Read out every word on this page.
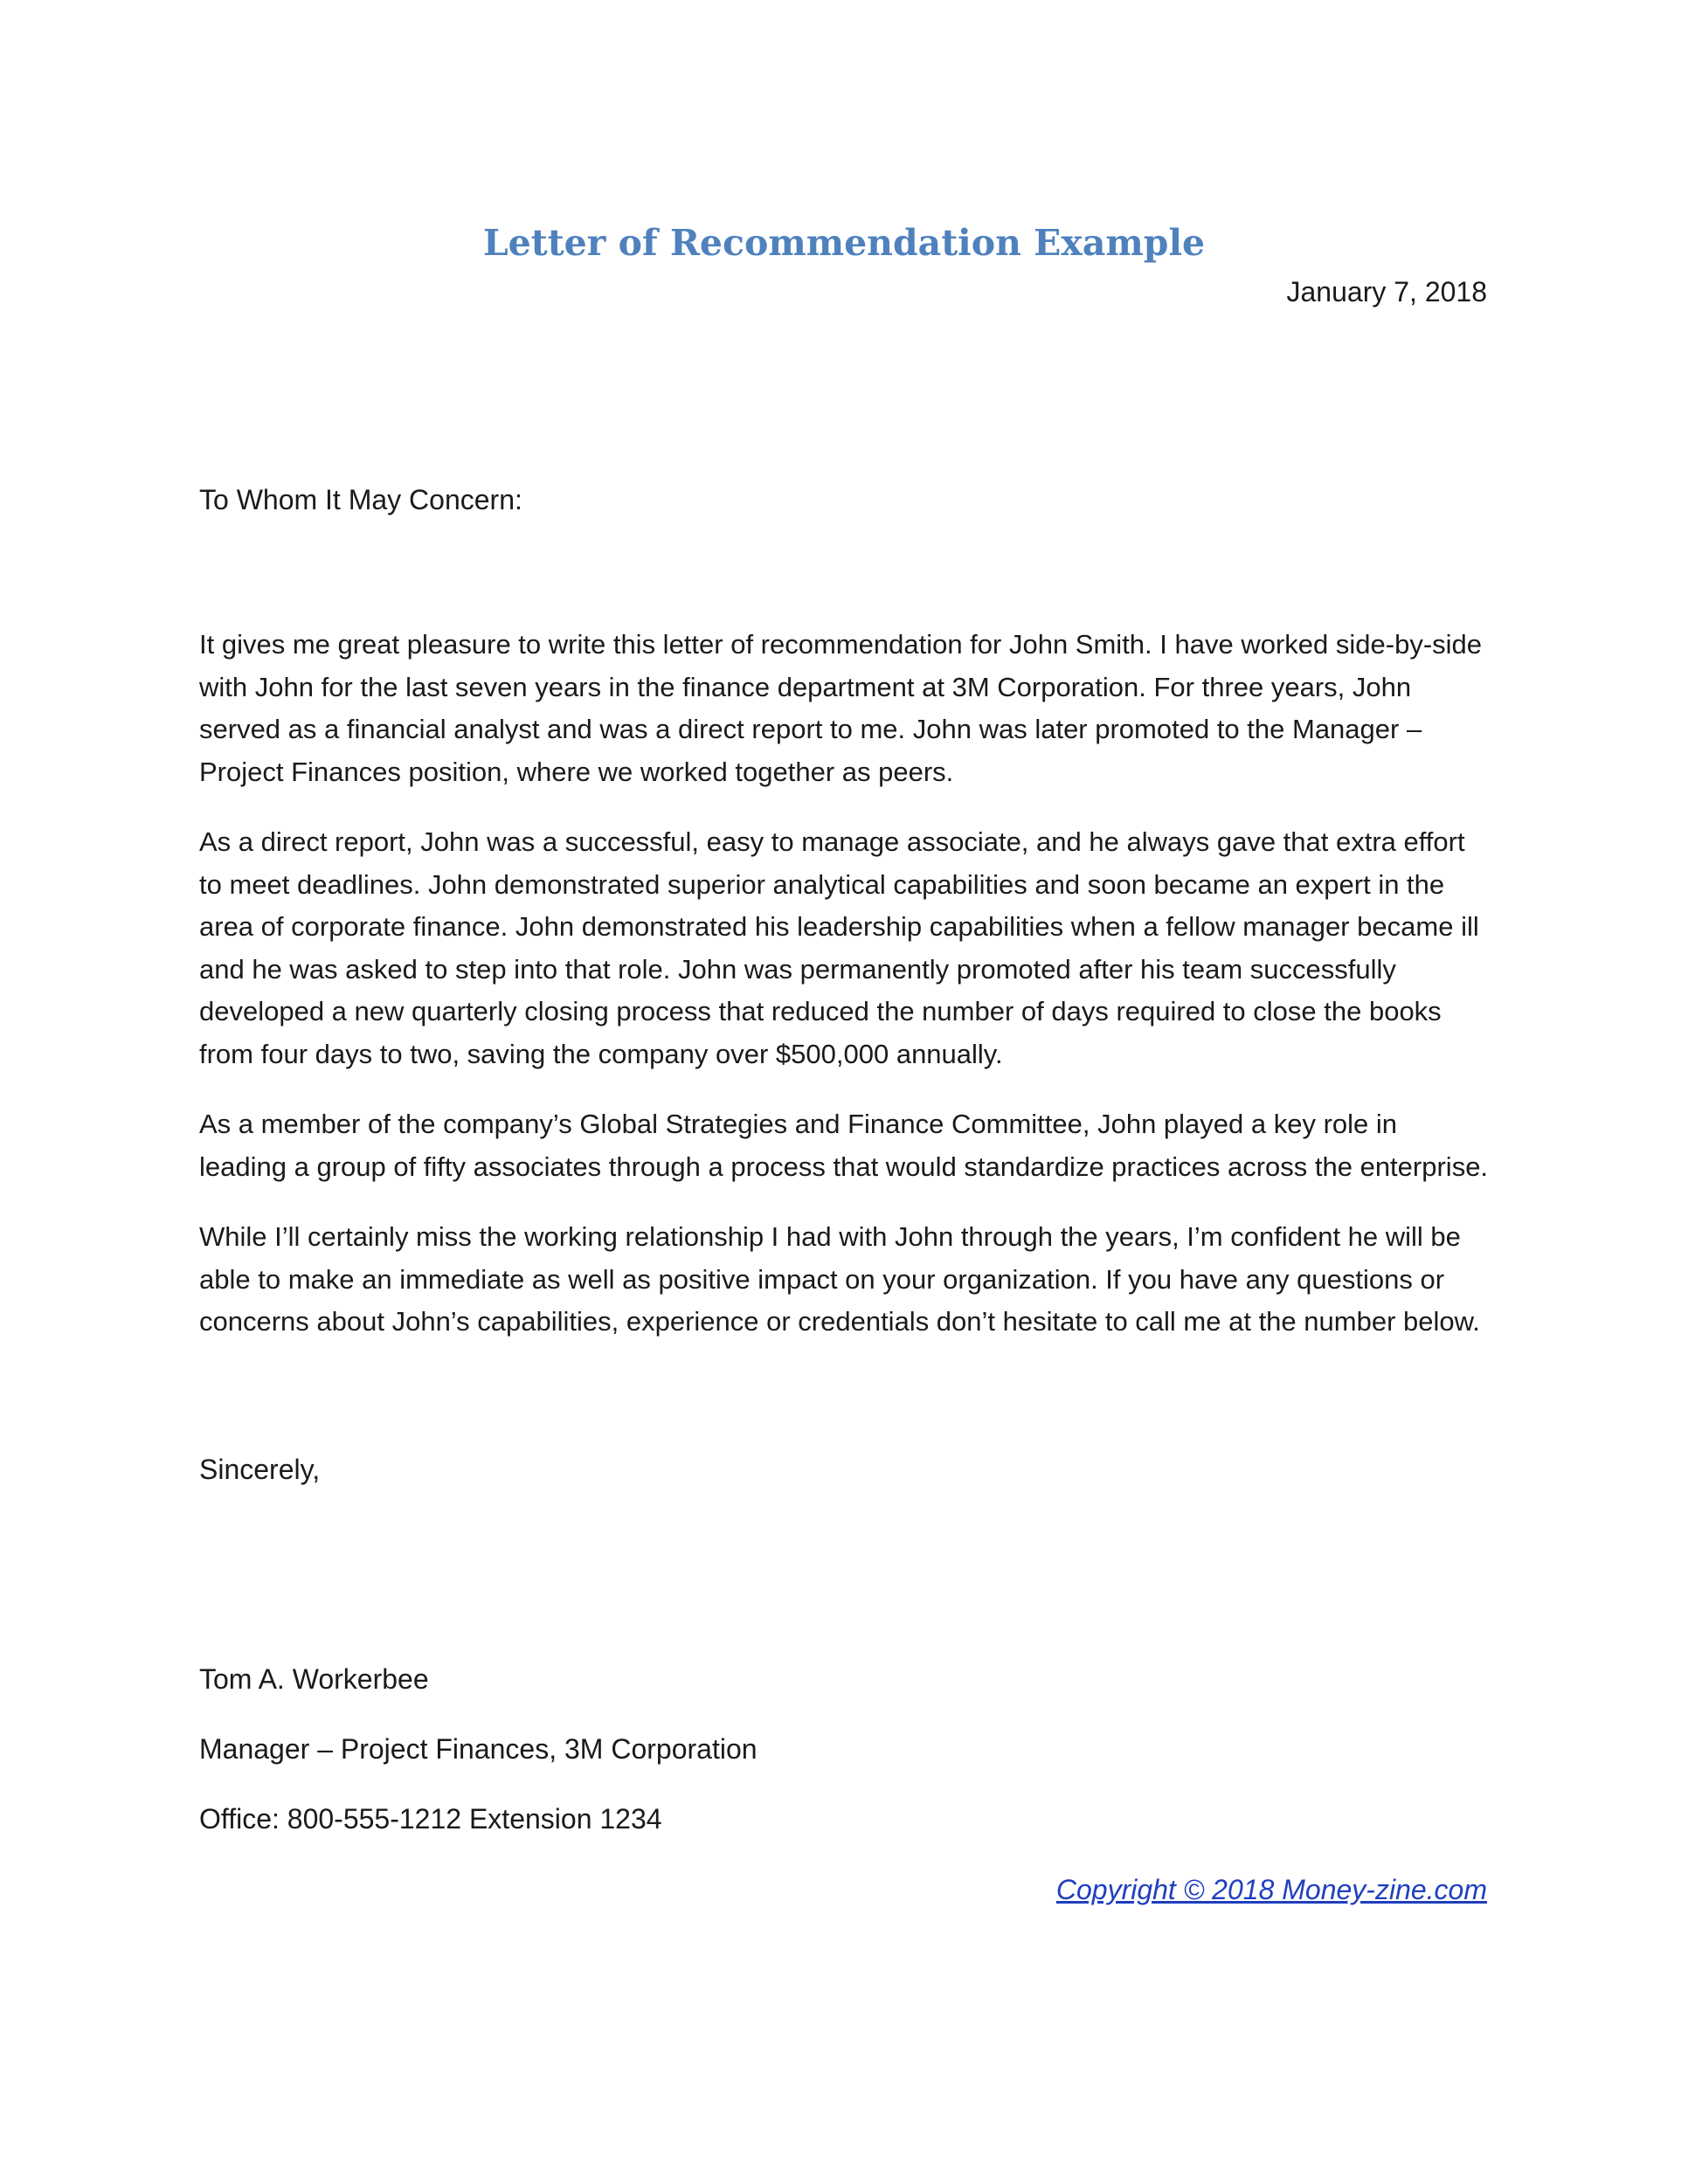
Letter of Recommendation Example

January 7, 2018

To Whom It May Concern:

It gives me great pleasure to write this letter of recommendation for John Smith. I have worked side-by-side with John for the last seven years in the finance department at 3M Corporation. For three years, John served as a financial analyst and was a direct report to me. John was later promoted to the Manager – Project Finances position, where we worked together as peers.

As a direct report, John was a successful, easy to manage associate, and he always gave that extra effort to meet deadlines. John demonstrated superior analytical capabilities and soon became an expert in the area of corporate finance. John demonstrated his leadership capabilities when a fellow manager became ill and he was asked to step into that role. John was permanently promoted after his team successfully developed a new quarterly closing process that reduced the number of days required to close the books from four days to two, saving the company over $500,000 annually.

As a member of the company’s Global Strategies and Finance Committee, John played a key role in leading a group of fifty associates through a process that would standardize practices across the enterprise.

While I’ll certainly miss the working relationship I had with John through the years, I’m confident he will be able to make an immediate as well as positive impact on your organization. If you have any questions or concerns about John’s capabilities, experience or credentials don’t hesitate to call me at the number below.

Sincerely,

Tom A. Workerbee

Manager – Project Finances, 3M Corporation

Office: 800-555-1212 Extension 1234

Copyright © 2018 Money-zine.com
